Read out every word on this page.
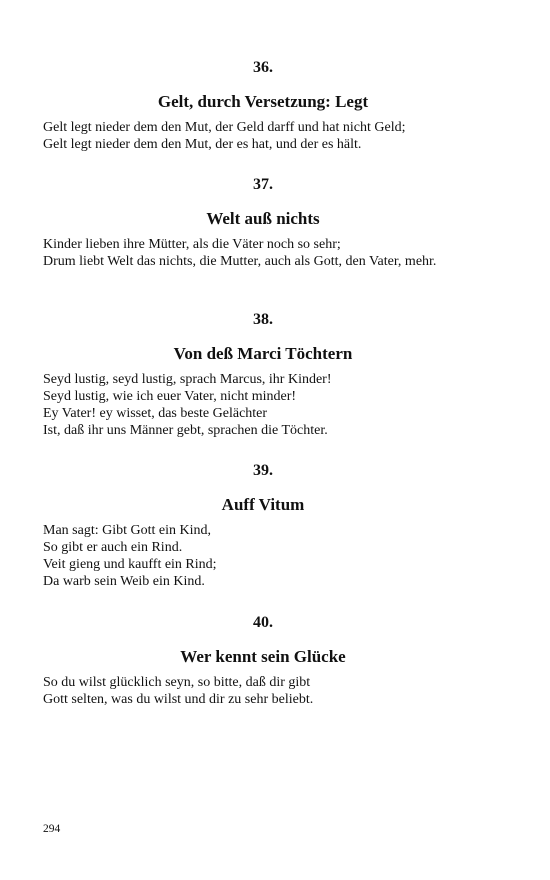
36.

Gelt, durch Versetzung: Legt

Gelt legt nieder dem den Mut, der Geld darff und hat nicht Geld;
Gelt legt nieder dem den Mut, der es hat, und der es hält.

37.

Welt auß nichts

Kinder lieben ihre Mütter, als die Väter noch so sehr;
Drum liebt Welt das nichts, die Mutter, auch als Gott, den Vater, mehr.

38.

Von deß Marci Töchtern

Seyd lustig, seyd lustig, sprach Marcus, ihr Kinder!
Seyd lustig, wie ich euer Vater, nicht minder!
Ey Vater! ey wisset, das beste Gelächter
Ist, daß ihr uns Männer gebt, sprachen die Töchter.

39.

Auff Vitum

Man sagt: Gibt Gott ein Kind,
So gibt er auch ein Rind.
Veit gieng und kaufft ein Rind;
Da warb sein Weib ein Kind.

40.

Wer kennt sein Glücke

So du wilst glücklich seyn, so bitte, daß dir gibt
Gott selten, was du wilst und dir zu sehr beliebt.

294
